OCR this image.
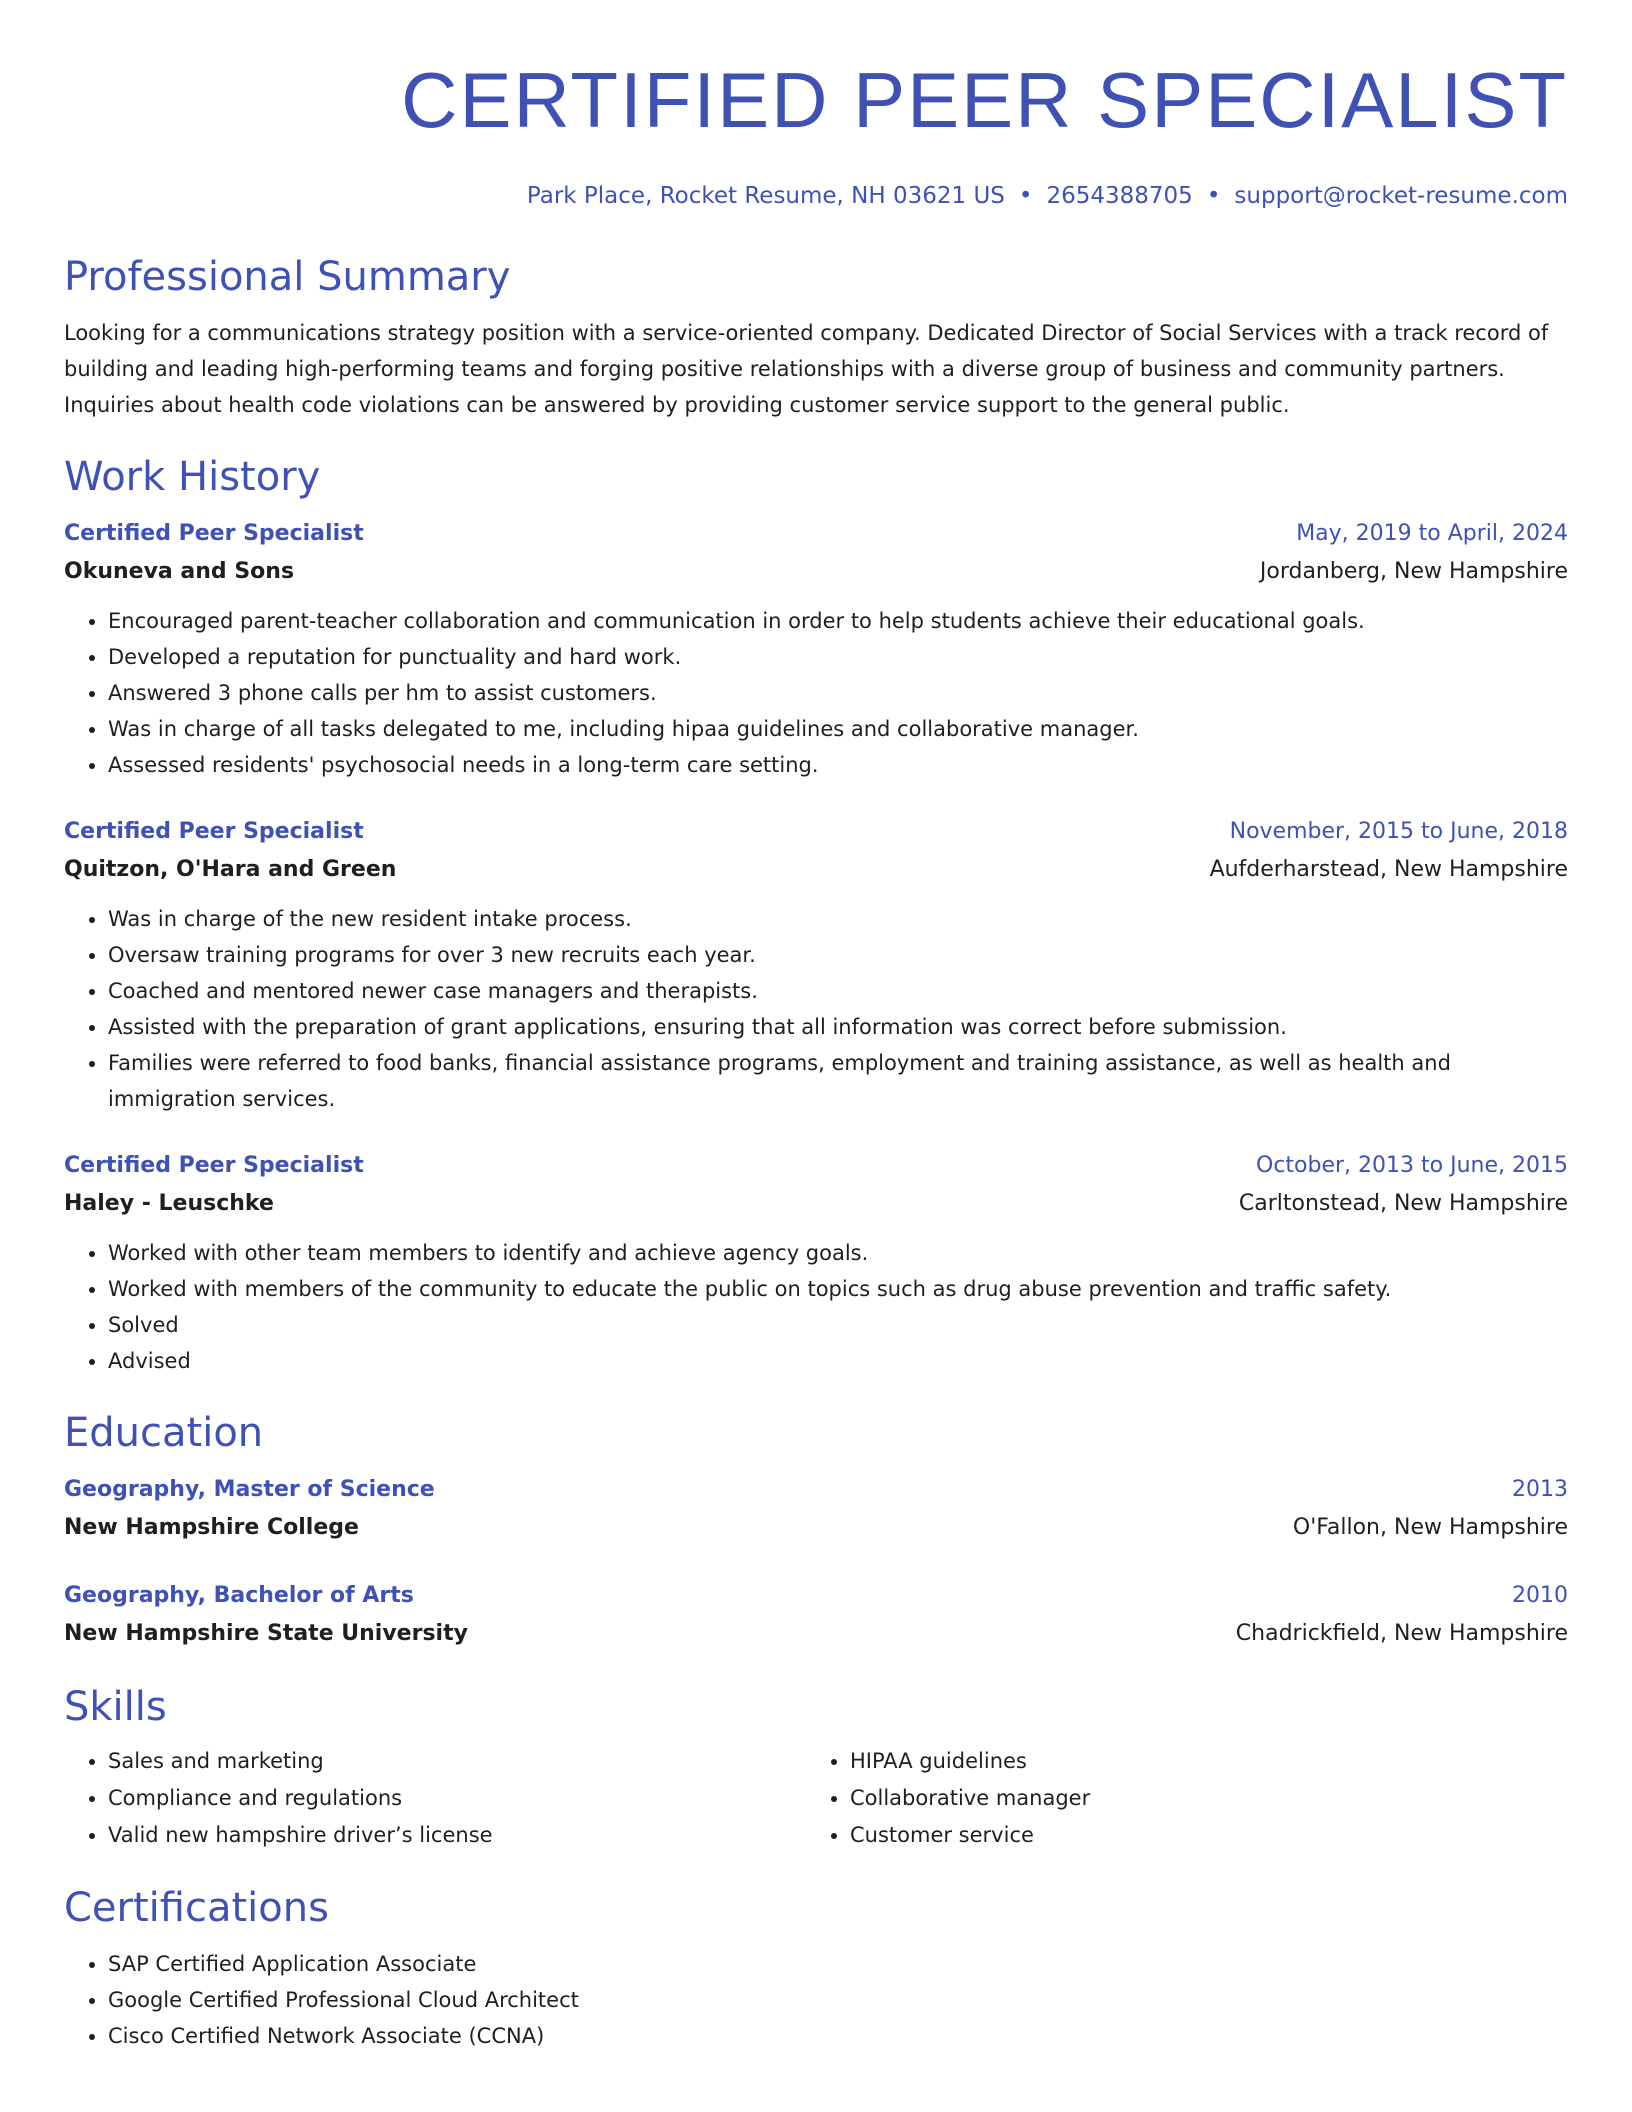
CERTIFIED PEER SPECIALIST
Park Place, Rocket Resume, NH 03621 US • 2654388705 • support@rocket-resume.com
Professional Summary
Looking for a communications strategy position with a service-oriented company. Dedicated Director of Social Services with a track record of building and leading high-performing teams and forging positive relationships with a diverse group of business and community partners. Inquiries about health code violations can be answered by providing customer service support to the general public.
Work History
Certified Peer Specialist	May, 2019 to April, 2024
Okuneva and Sons	Jordanberg, New Hampshire
• Encouraged parent-teacher collaboration and communication in order to help students achieve their educational goals.
• Developed a reputation for punctuality and hard work.
• Answered 3 phone calls per hm to assist customers.
• Was in charge of all tasks delegated to me, including hipaa guidelines and collaborative manager.
• Assessed residents' psychosocial needs in a long-term care setting.
Certified Peer Specialist	November, 2015 to June, 2018
Quitzon, O'Hara and Green	Aufderharstead, New Hampshire
• Was in charge of the new resident intake process.
• Oversaw training programs for over 3 new recruits each year.
• Coached and mentored newer case managers and therapists.
• Assisted with the preparation of grant applications, ensuring that all information was correct before submission.
• Families were referred to food banks, financial assistance programs, employment and training assistance, as well as health and immigration services.
Certified Peer Specialist	October, 2013 to June, 2015
Haley - Leuschke	Carltonstead, New Hampshire
• Worked with other team members to identify and achieve agency goals.
• Worked with members of the community to educate the public on topics such as drug abuse prevention and traffic safety.
• Solved
• Advised
Education
Geography, Master of Science	2013
New Hampshire College	O'Fallon, New Hampshire
Geography, Bachelor of Arts	2010
New Hampshire State University	Chadrickfield, New Hampshire
Skills
• Sales and marketing
• Compliance and regulations
• Valid new hampshire driver’s license
• HIPAA guidelines
• Collaborative manager
• Customer service
Certifications
• SAP Certified Application Associate
• Google Certified Professional Cloud Architect
• Cisco Certified Network Associate (CCNA)
